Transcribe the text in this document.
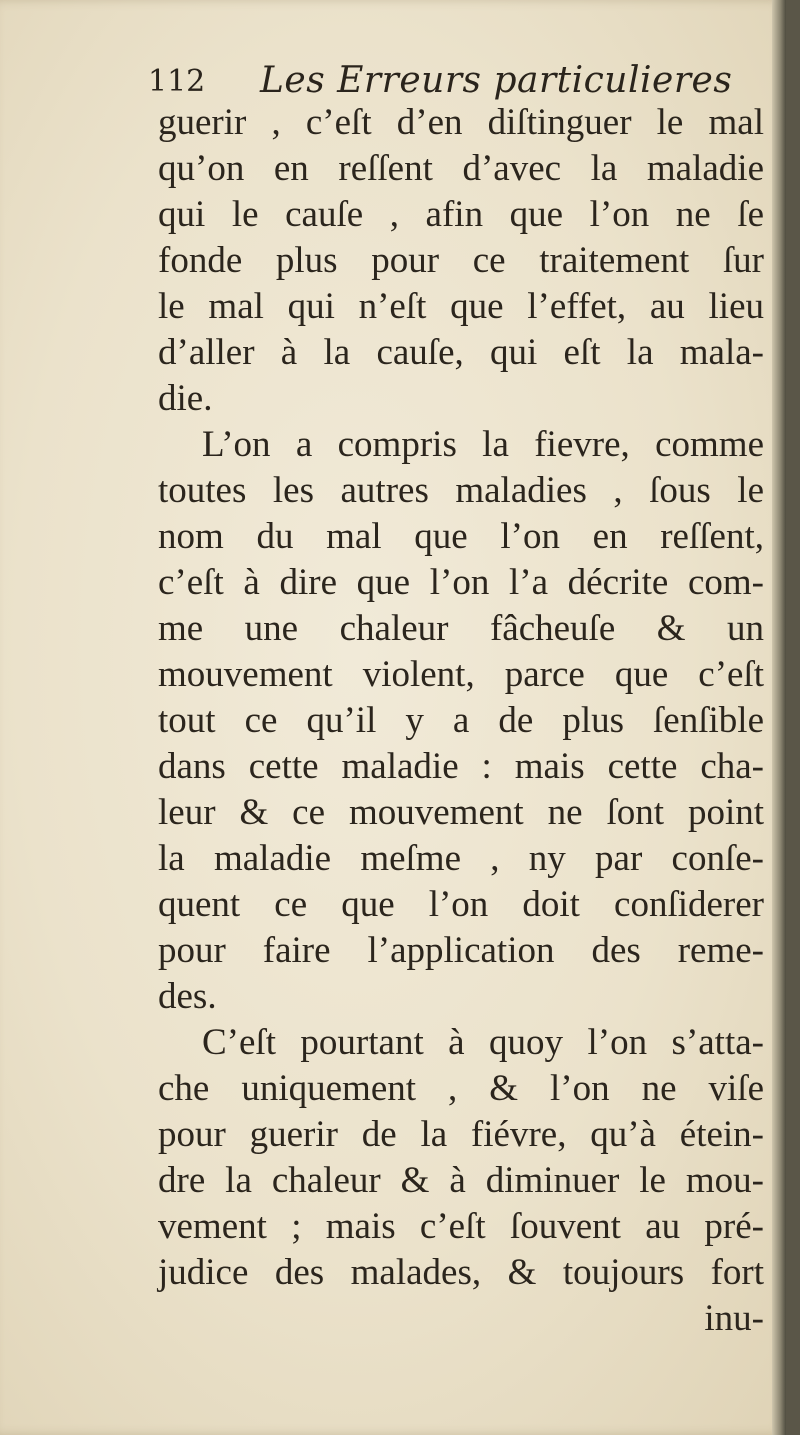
112 Les Erreurs particulieres
guerir , c’eſt d’en diſtinguer le mal
qu’on en reſſent d’avec la maladie
qui le cauſe , afin que l’on ne ſe
fonde plus pour ce traitement ſur
le mal qui n’eſt que l’effet, au lieu
d’aller à la cauſe, qui eſt la mala-
die.
L’on a compris la fievre, comme
toutes les autres maladies , ſous le
nom du mal que l’on en reſſent,
c’eſt à dire que l’on l’a décrite com-
me une chaleur fâcheuſe & un
mouvement violent, parce que c’eſt
tout ce qu’il y a de plus ſenſible
dans cette maladie : mais cette cha-
leur & ce mouvement ne ſont point
la maladie meſme , ny par conſe-
quent ce que l’on doit conſiderer
pour faire l’application des reme-
des.
C’eſt pourtant à quoy l’on s’atta-
che uniquement , & l’on ne viſe
pour guerir de la fiévre, qu’à étein-
dre la chaleur & à diminuer le mou-
vement ; mais c’eſt ſouvent au pré-
judice des malades, & toujours fort
inu-
